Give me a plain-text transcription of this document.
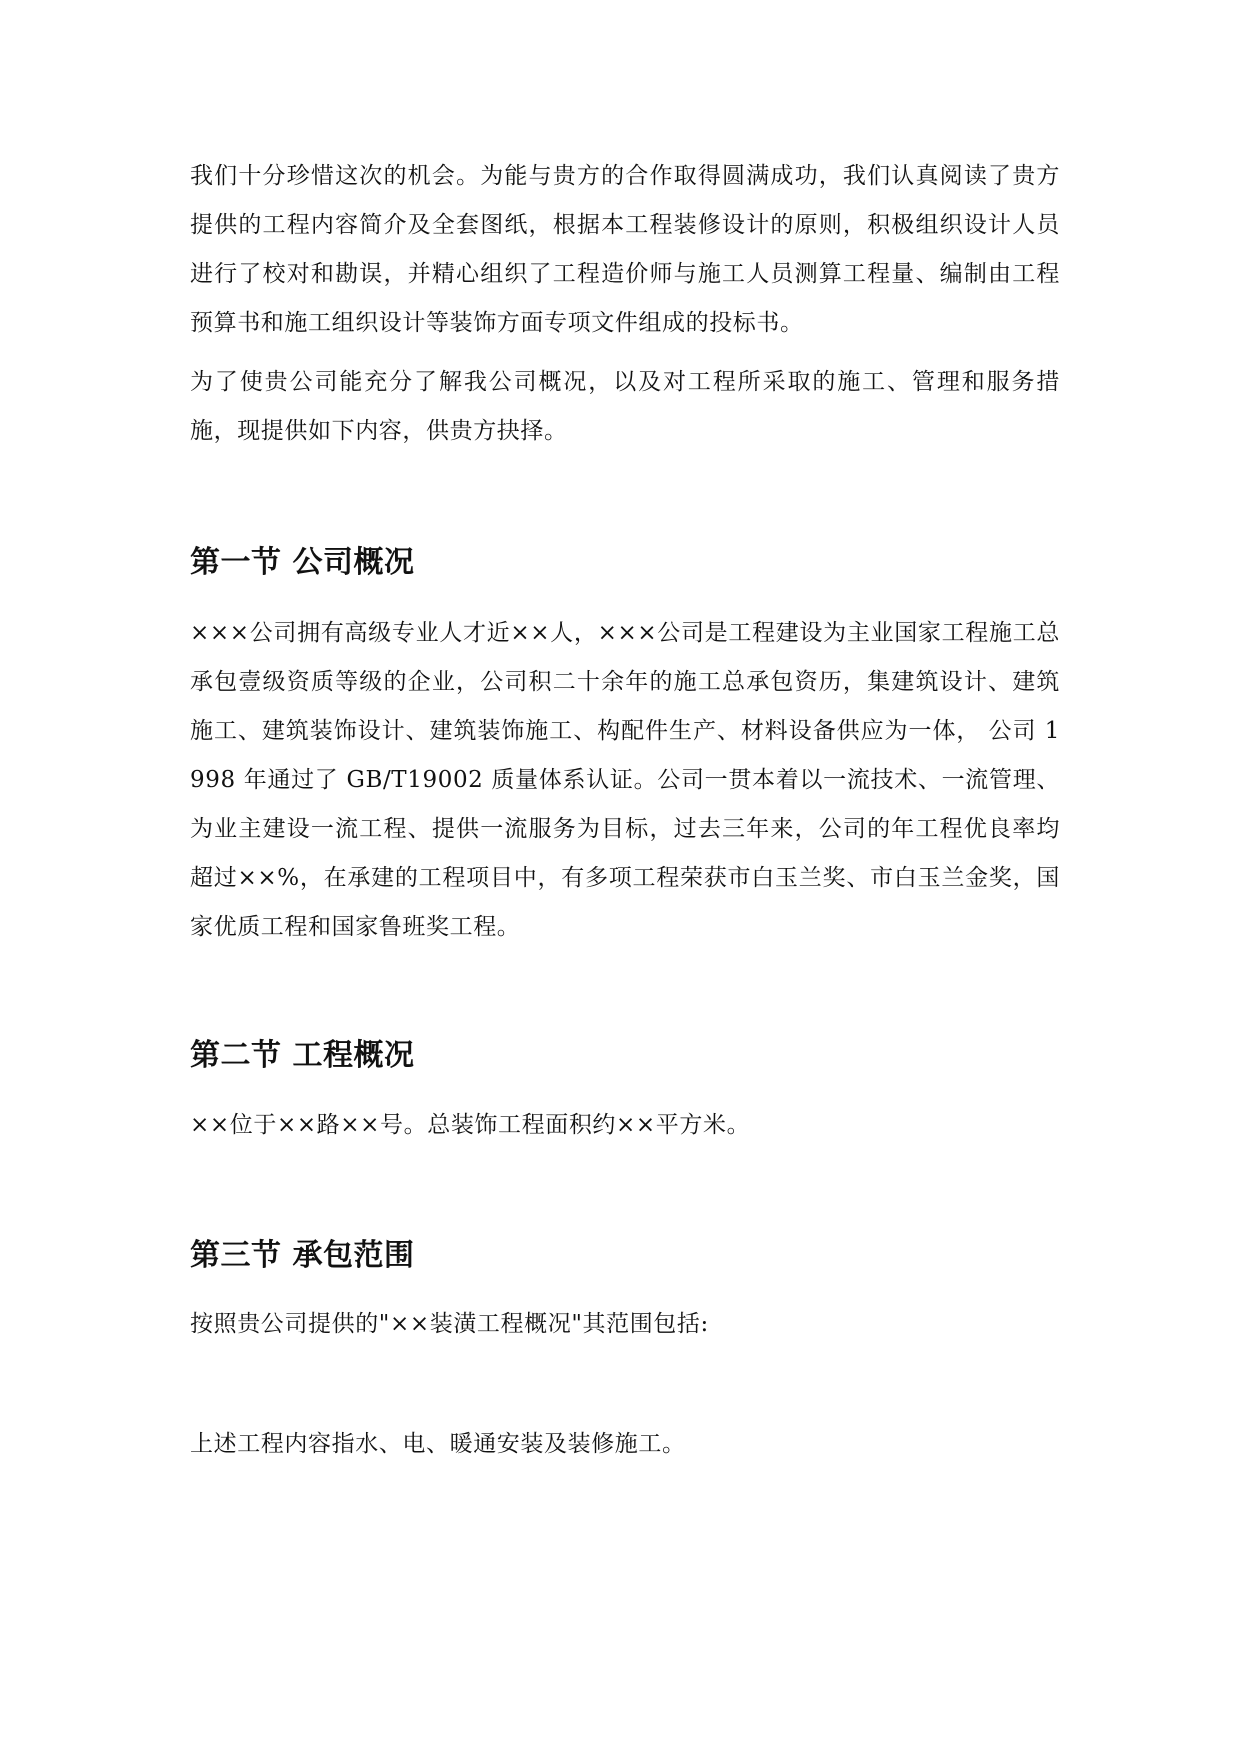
我们十分珍惜这次的机会。为能与贵方的合作取得圆满成功，我们认真阅读了贵方提供的工程内容简介及全套图纸，根据本工程装修设计的原则，积极组织设计人员进行了校对和勘误，并精心组织了工程造价师与施工人员测算工程量、编制由工程预算书和施工组织设计等装饰方面专项文件组成的投标书。

为了使贵公司能充分了解我公司概况，以及对工程所采取的施工、管理和服务措施，现提供如下内容，供贵方抉择。

第一节 公司概况

×××公司拥有高级专业人才近××人，×××公司是工程建设为主业国家工程施工总承包壹级资质等级的企业，公司积二十余年的施工总承包资历，集建筑设计、建筑施工、建筑装饰设计、建筑装饰施工、构配件生产、材料设备供应为一体， 公司 1998 年通过了 GB/T19002 质量体系认证。公司一贯本着以一流技术、一流管理、为业主建设一流工程、提供一流服务为目标，过去三年来，公司的年工程优良率均超过××%，在承建的工程项目中，有多项工程荣获市白玉兰奖、市白玉兰金奖，国家优质工程和国家鲁班奖工程。

第二节 工程概况

××位于××路××号。总装饰工程面积约××平方米。

第三节 承包范围

按照贵公司提供的"××装潢工程概况"其范围包括:

上述工程内容指水、电、暖通安装及装修施工。
